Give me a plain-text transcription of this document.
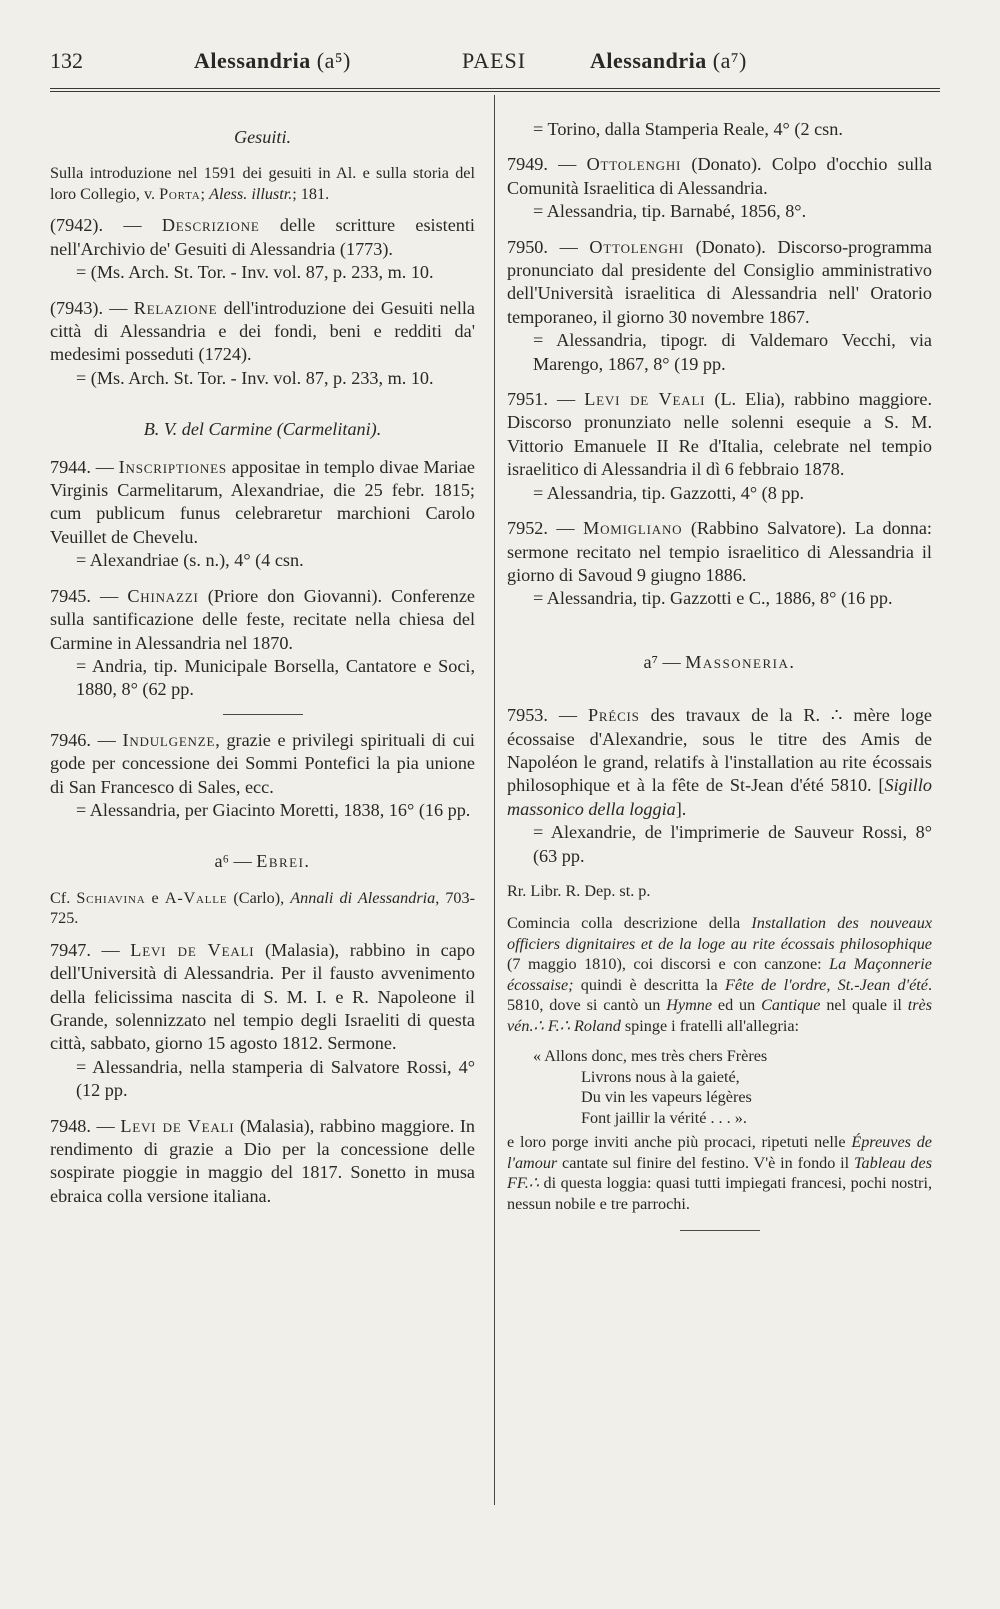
132	Alessandria (a⁵)	PAESI	Alessandria (a⁷)
Gesuiti.

Sulla introduzione nel 1591 dei gesuiti in Al. e sulla storia del loro Collegio, v. Porta; Aless. illustr.; 181.

(7942). — Descrizione delle scritture esistenti nell'Archivio de' Gesuiti di Alessandria (1773).
= (Ms. Arch. St. Tor. - Inv. vol. 87, p. 233, m. 10.
(7943). — Relazione dell'introduzione dei Gesuiti nella città di Alessandria e dei fondi, beni e redditi da' medesimi posseduti (1724).
= (Ms. Arch. St. Tor. - Inv. vol. 87, p. 233, m. 10.
B. V. del Carmine (Carmelitani).
7944. — Inscriptiones appositae in templo divae Mariae Virginis Carmelitarum, Alexandriae, die 25 febr. 1815; cum publicum funus celebraretur marchioni Carolo Veuillet de Chevelu.
= Alexandriae (s. n.), 4° (4 csn.
7945. — Chinazzi (Priore don Giovanni). Conferenze sulla santificazione delle feste, recitate nella chiesa del Carmine in Alessandria nel 1870.
= Andria, tip. Municipale Borsella, Cantatore e Soci, 1880, 8° (62 pp.
7946. — Indulgenze, grazie e privilegi spirituali di cui gode per concessione dei Sommi Pontefici la pia unione di San Francesco di Sales, ecc.
= Alessandria, per Giacinto Moretti, 1838, 16° (16 pp.
a⁶ — Ebrei.

Cf. Schiavina e A-Valle (Carlo), Annali di Alessandria, 703-725.

7947. — Levi de Veali (Malasia), rabbino in capo dell'Università di Alessandria. Per il fausto avvenimento della felicissima nascita di S. M. I. e R. Napoleone il Grande, solennizzato nel tempio degli Israeliti di questa città, sabbato, giorno 15 agosto 1812. Sermone.
= Alessandria, nella stamperia di Salvatore Rossi, 4° (12 pp.
7948. — Levi de Veali (Malasia), rabbino maggiore. In rendimento di grazie a Dio per la concessione delle sospirate pioggie in maggio del 1817. Sonetto in musa ebraica colla versione italiana.
= Torino, dalla Stamperia Reale, 4° (2 csn.
7949. — Ottolenghi (Donato). Colpo d'occhio sulla Comunità Israelitica di Alessandria.
= Alessandria, tip. Barnabé, 1856, 8°.
7950. — Ottolenghi (Donato). Discorso-programma pronunciato dal presidente del Consiglio amministrativo dell'Università israelitica di Alessandria nell' Oratorio temporaneo, il giorno 30 novembre 1867.
= Alessandria, tipogr. di Valdemaro Vecchi, via Marengo, 1867, 8° (19 pp.
7951. — Levi de Veali (L. Elia), rabbino maggiore. Discorso pronunziato nelle solenni esequie a S. M. Vittorio Emanuele II Re d'Italia, celebrate nel tempio israelitico di Alessandria il dì 6 febbraio 1878.
= Alessandria, tip. Gazzotti, 4° (8 pp.
7952. — Momigliano (Rabbino Salvatore). La donna: sermone recitato nel tempio israelitico di Alessandria il giorno di Savoud 9 giugno 1886.
= Alessandria, tip. Gazzotti e C., 1886, 8° (16 pp.
a⁷ — Massoneria.
7953. — Précis des travaux de la R. ∴ mère loge écossaise d'Alexandrie, sous le titre des Amis de Napoléon le grand, relatifs à l'installation au rite écossais philosophique et à la fête de St-Jean d'été 5810. [Sigillo massonico della loggia].
= Alexandrie, de l'imprimerie de Sauveur Rossi, 8° (63 pp.

Rr. Libr. R. Dep. st. p.

Comincia colla descrizione della Installation des nouveaux officiers dignitaires et de la loge au rite écossais philosophique (7 maggio 1810), coi discorsi e con canzone: La Maçonnerie écossaise; quindi è descritta la Fête de l'ordre, St.-Jean d'été. 5810, dove si cantò un Hymne ed un Cantique nel quale il très vén.∴ F.∴ Roland spinge i fratelli all'allegria:

« Allons donc, mes très chers Frères
Livrons nous à la gaieté,
Du vin les vapeurs légères
Font jaillir la vérité . . . ».

e loro porge inviti anche più procaci, ripetuti nelle Épreuves de l'amour cantate sul finire del festino. V'è in fondo il Tableau des FF.∴ di questa loggia: quasi tutti impiegati francesi, pochi nostri, nessun nobile e tre parrochi.
